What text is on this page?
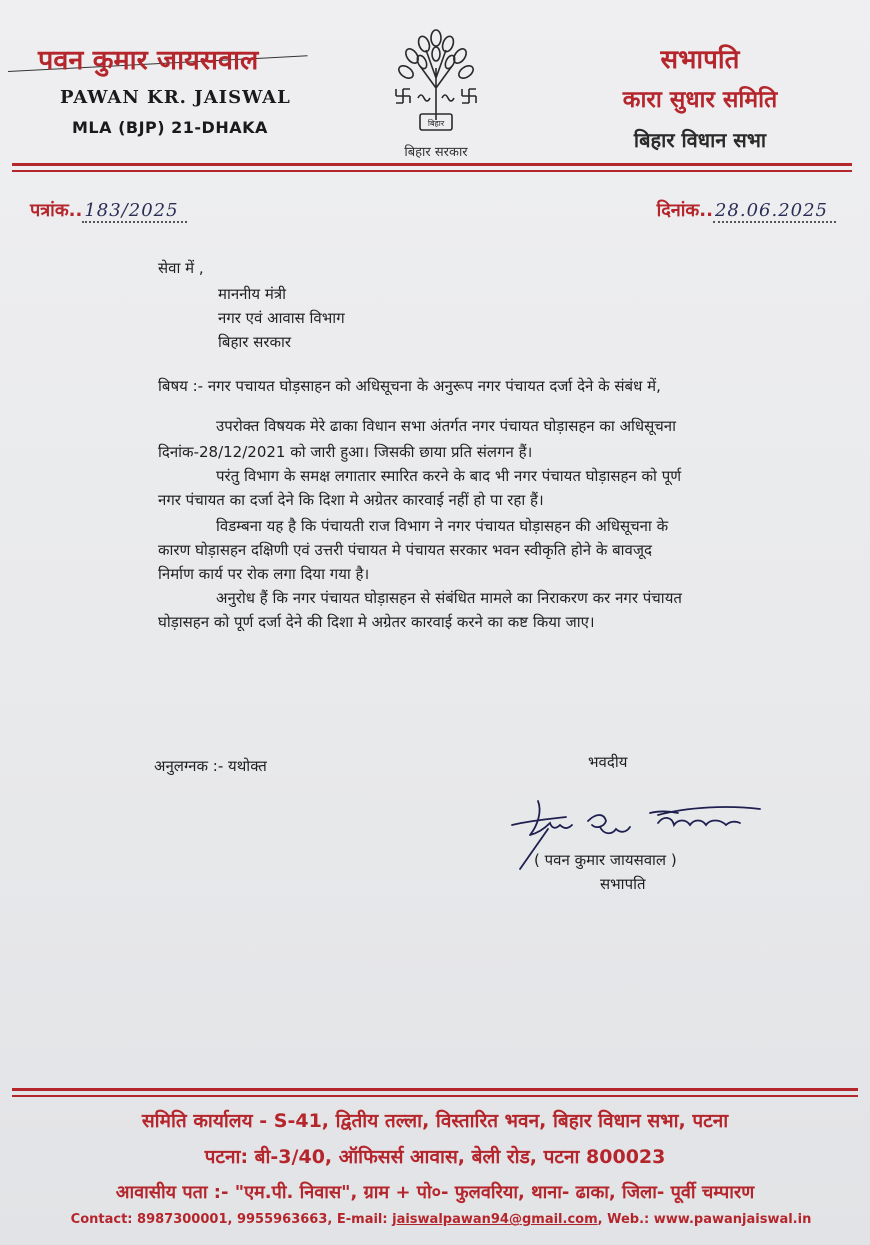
पवन कुमार जायसवाल
PAWAN KR. JAISWAL
MLA (BJP) 21-DHAKA	बिहार
बिहार सरकार

सभापति

कारा सुधार समिति

बिहार विधान सभा

पत्रांक.. 183/2025	दिनांक.. 28.06.2025
सेवा में ,
माननीय मंत्री
नगर एवं आवास विभाग
बिहार सरकार
बिषय :- नगर पचायत घोड़साहन को अधिसूचना के अनुरूप नगर पंचायत दर्जा देने के संबंध में,
उपरोक्त विषयक मेरे ढाका विधान सभा अंतर्गत नगर पंचायत घोड़ासहन का अधिसूचना
दिनांक-28/12/2021 को जारी हुआ। जिसकी छाया प्रति संलगन हैं।
परंतु विभाग के समक्ष लगातार स्मारित करने के बाद भी नगर पंचायत घोड़ासहन को पूर्ण
नगर पंचायत का दर्जा देने कि दिशा मे अग्रेतर कारवाई नहीं हो पा रहा हैं।
विडम्बना यह है कि पंचायती राज विभाग ने नगर पंचायत घोड़ासहन की अधिसूचना के
कारण घोड़ासहन दक्षिणी एवं उत्तरी पंचायत मे पंचायत सरकार भवन स्वीकृति होने के बावजूद
निर्माण कार्य पर रोक लगा दिया गया है।
अनुरोध हैं कि नगर पंचायत घोड़ासहन से संबंधित मामले का निराकरण कर नगर पंचायत
घोड़ासहन को पूर्ण दर्जा देने की दिशा मे अग्रेतर कारवाई करने का कष्ट किया जाए।
अनुलग्नक :- यथोक्त	भवदीय
( पवन कुमार जायसवाल )
सभापति
समिति कार्यालय - S-41, द्वितीय तल्ला, विस्तारित भवन, बिहार विधान सभा, पटना
पटना: बी-3/40, ऑफिसर्स आवास, बेली रोड, पटना 800023
आवासीय पता :- "एम.पी. निवास", ग्राम + पो०- फुलवरिया, थाना- ढाका, जिला- पूर्वी चम्पारण
Contact: 8987300001, 9955963663, E-mail: jaiswalpawan94@gmail.com, Web.: www.pawanjaiswal.in
